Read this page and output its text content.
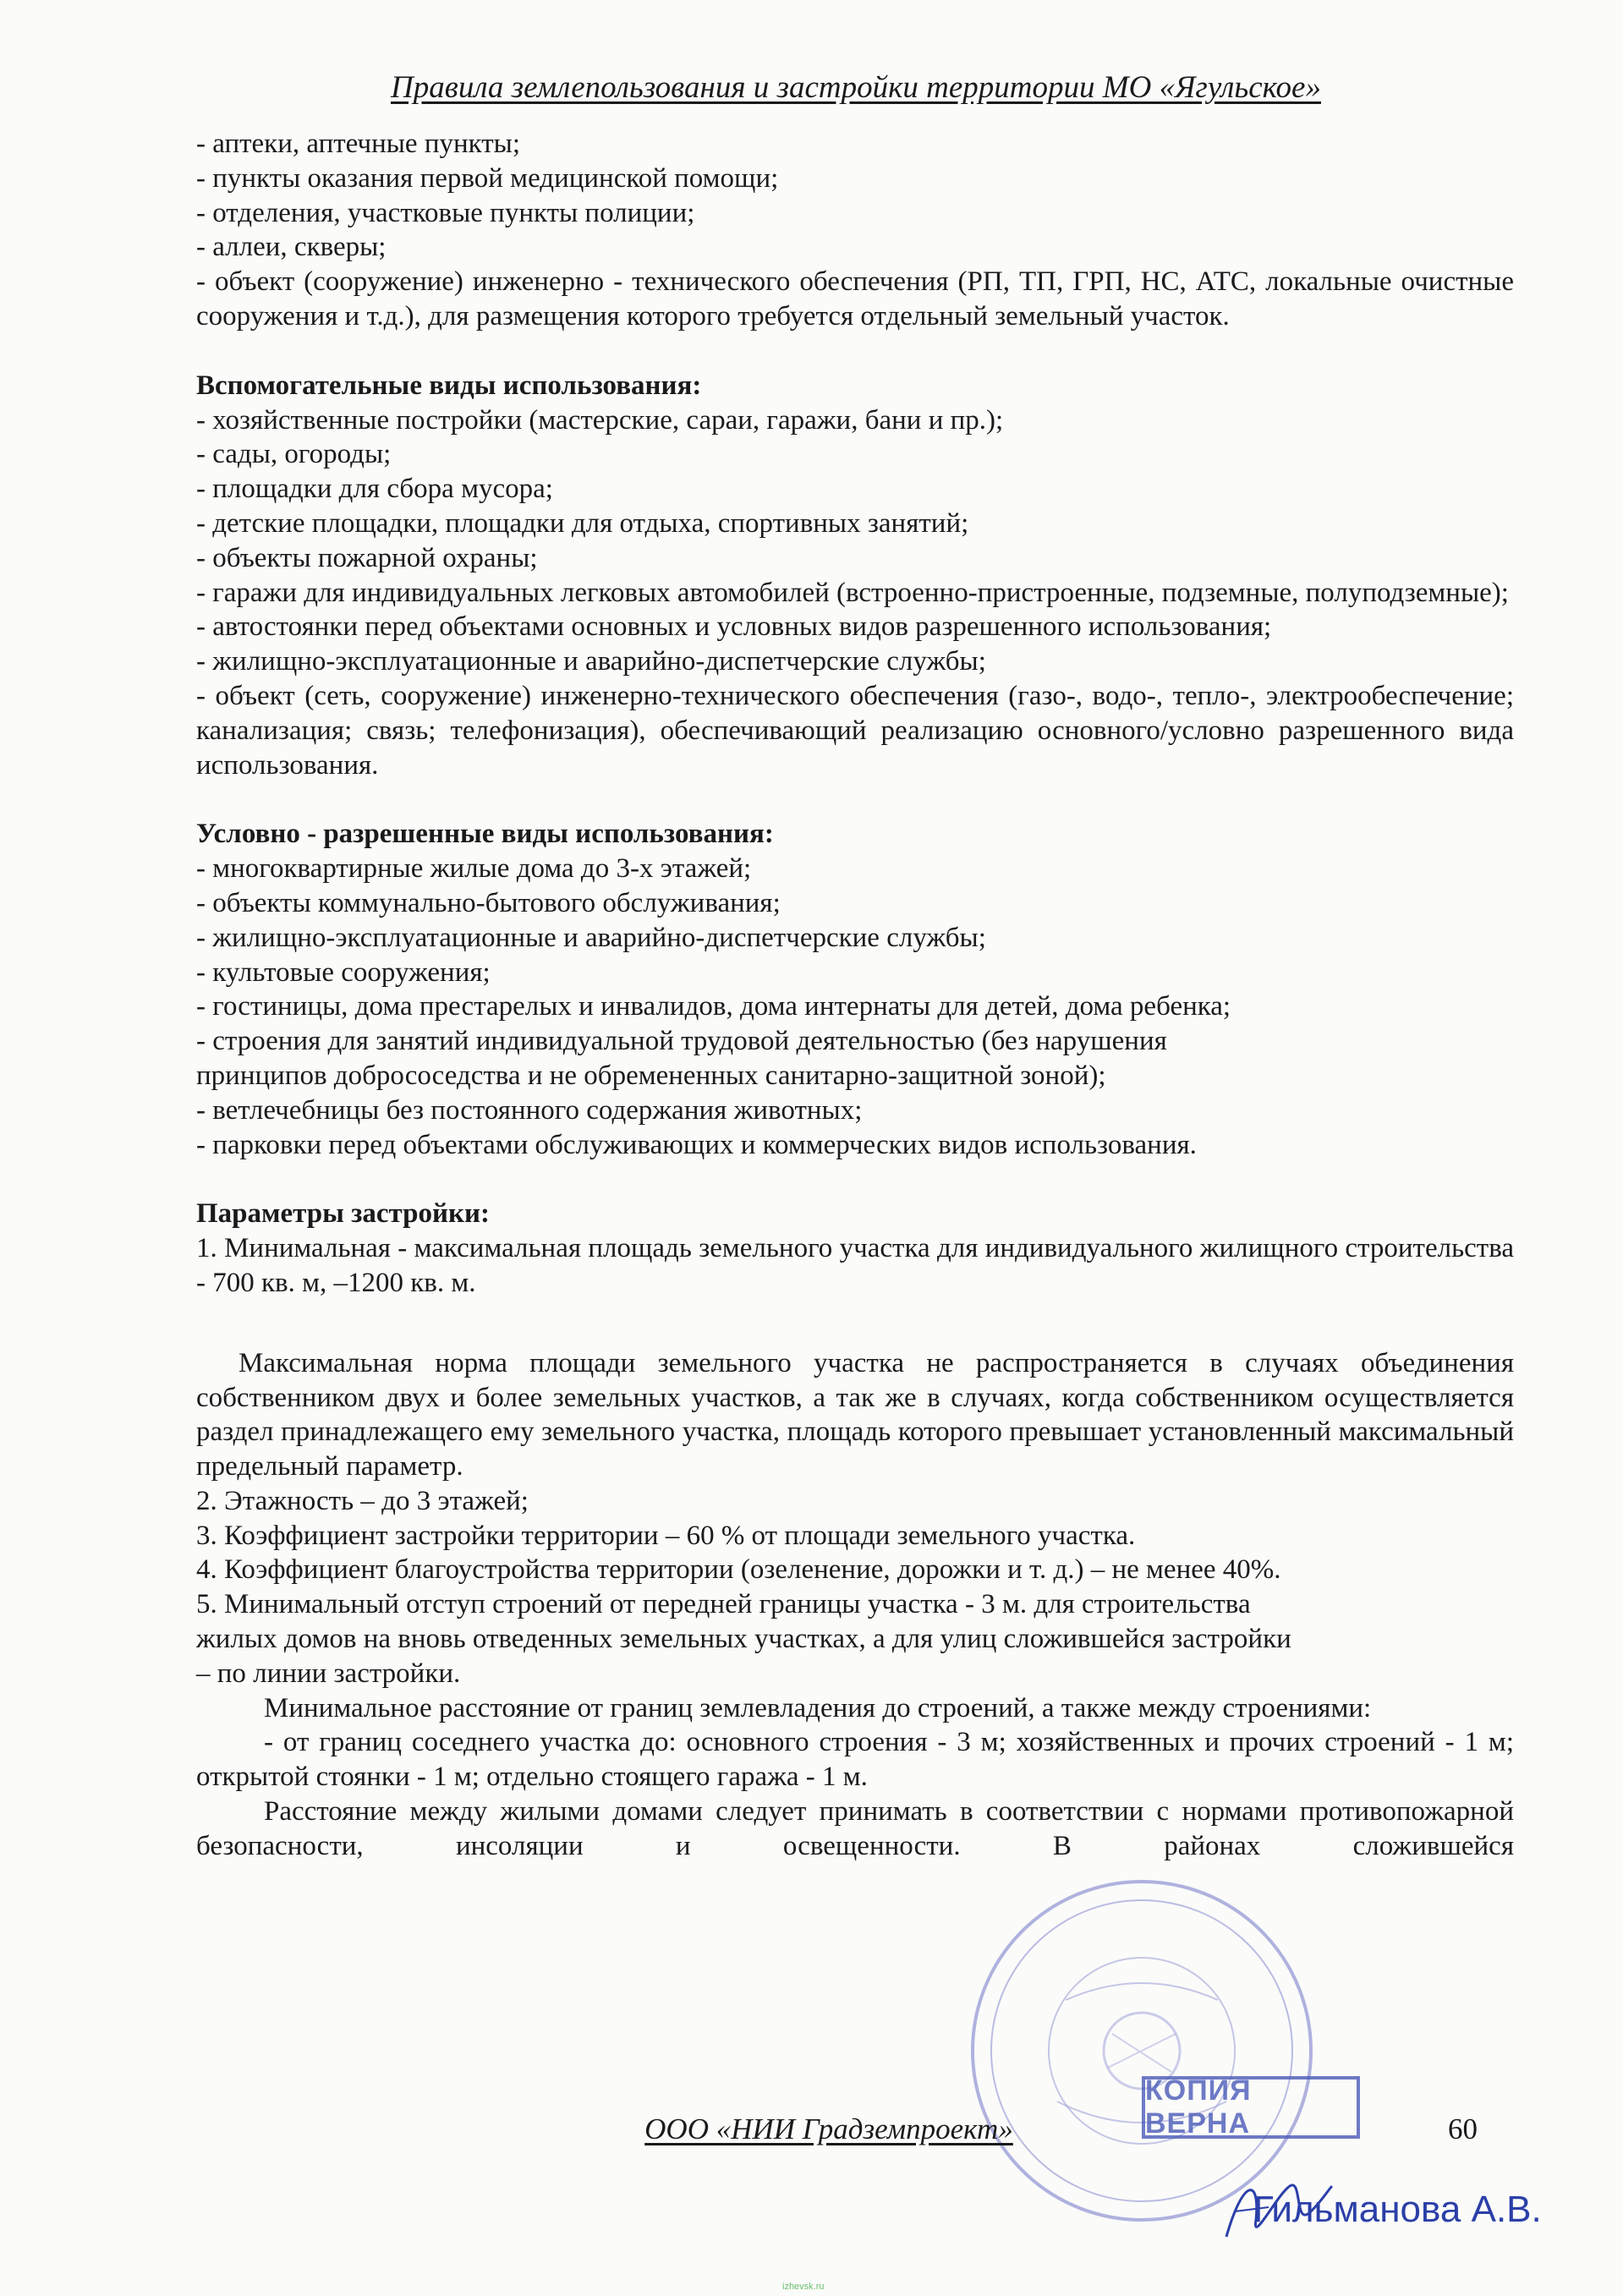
Правила землепользования и застройки территории МО «Ягульское»

- аптеки, аптечные пункты;

- пункты оказания первой медицинской помощи;

- отделения, участковые пункты полиции;

- аллеи, скверы;

- объект (сооружение) инженерно - технического обеспечения (РП, ТП, ГРП, НС, АТС, локальные очистные сооружения и т.д.), для размещения которого требуется отдельный земельный участок.

Вспомогательные виды использования:

- хозяйственные постройки (мастерские, сараи, гаражи, бани и пр.);

- сады, огороды;

- площадки для сбора мусора;

- детские площадки, площадки для отдыха, спортивных занятий;

- объекты пожарной охраны;

- гаражи для индивидуальных легковых автомобилей (встроенно-пристроенные, подземные, полуподземные);

- автостоянки перед объектами основных и условных видов разрешенного использования;

- жилищно-эксплуатационные и аварийно-диспетчерские службы;

- объект (сеть, сооружение) инженерно-технического обеспечения (газо-, водо-, тепло-, электрообеспечение; канализация; связь; телефонизация), обеспечивающий реализацию основного/условно разрешенного вида использования.

Условно - разрешенные виды использования:

- многоквартирные жилые дома до 3-х этажей;

- объекты коммунально-бытового обслуживания;

- жилищно-эксплуатационные и аварийно-диспетчерские службы;

- культовые сооружения;

- гостиницы, дома престарелых и инвалидов, дома интернаты для детей, дома ребенка;

- строения для занятий индивидуальной трудовой деятельностью (без нарушения

принципов добрососедства и не обремененных санитарно-защитной зоной);

- ветлечебницы без постоянного содержания животных;

- парковки перед объектами обслуживающих и коммерческих видов использования.

Параметры застройки:

1. Минимальная - максимальная площадь земельного участка для индивидуального жилищного строительства - 700 кв. м, –1200 кв. м.

Максимальная норма площади земельного участка не распространяется в случаях объединения собственником двух и более земельных участков, а так же в случаях, когда собственником осуществляется раздел принадлежащего ему земельного участка, площадь которого превышает установленный максимальный предельный параметр.

2. Этажность – до 3 этажей;

3. Коэффициент застройки территории – 60 % от площади земельного участка.

4. Коэффициент благоустройства территории (озеленение, дорожки и т. д.) – не менее 40%.

5. Минимальный отступ строений от передней границы участка - 3 м. для строительства

жилых домов на вновь отведенных земельных участках, а для улиц сложившейся застройки

– по линии застройки.

Минимальное расстояние от границ землевладения до строений, а также между строениями:

- от границ соседнего участка до: основного строения - 3 м; хозяйственных и прочих строений - 1 м; открытой стоянки - 1 м; отдельно стоящего гаража - 1 м.

Расстояние между жилыми домами следует принимать в соответствии с нормами противопожарной безопасности, инсоляции и освещенности. В районах сложившейся

КОПИЯ ВЕРНА
Гильманова А.В.
ООО «НИИ Градземпроект»	60
izhevsk.ru
